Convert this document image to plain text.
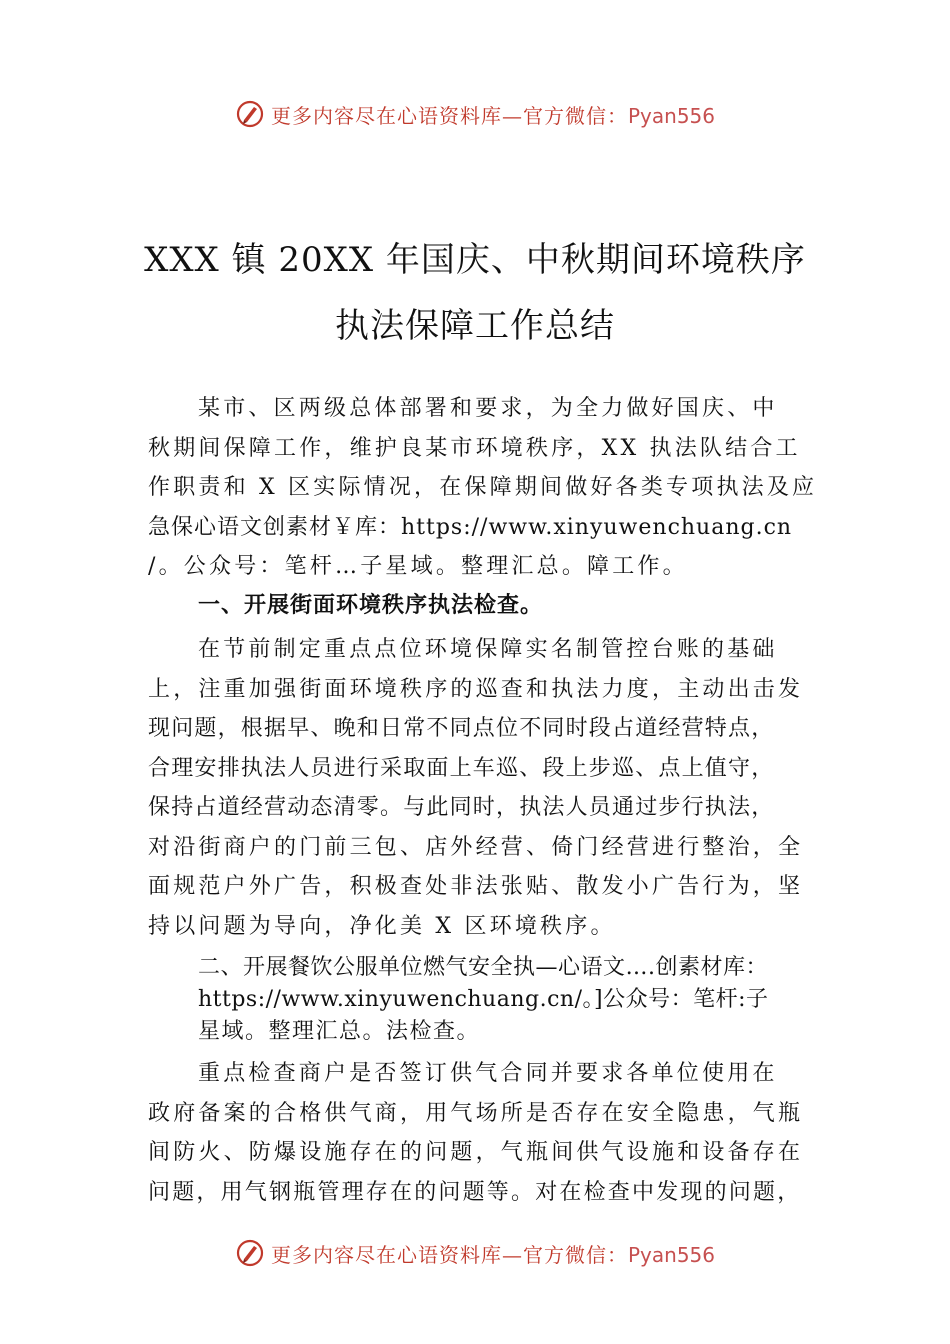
更多内容尽在心语资料库—官方微信：Pyan556
XXX 镇 20XX 年国庆、中秋期间环境秩序
执法保障工作总结
某市、区两级总体部署和要求，为全力做好国庆、中
秋期间保障工作，维护良某市环境秩序，XX 执法队结合工
作职责和 X 区实际情况，在保障期间做好各类专项执法及应
急保心语文创素材￥库：https://www.xinyuwenchuang.cn
/。公众号：笔杆…子星域。整理汇总。障工作。
一、开展街面环境秩序执法检查。
在节前制定重点点位环境保障实名制管控台账的基础
上，注重加强街面环境秩序的巡查和执法力度，主动出击发
现问题，根据早、晚和日常不同点位不同时段占道经营特点，
合理安排执法人员进行采取面上车巡、段上步巡、点上值守，
保持占道经营动态清零。与此同时，执法人员通过步行执法，
对沿街商户的门前三包、店外经营、倚门经营进行整治，全
面规范户外广告，积极查处非法张贴、散发小广告行为，坚
持以问题为导向，净化美 X 区环境秩序。
二、开展餐饮公服单位燃气安全执—心语文….创素材库：
https://www.xinyuwenchuang.cn/。]公众号：笔杆:子
星域。整理汇总。法检查。
重点检查商户是否签订供气合同并要求各单位使用在
政府备案的合格供气商，用气场所是否存在安全隐患，气瓶
间防火、防爆设施存在的问题，气瓶间供气设施和设备存在
问题，用气钢瓶管理存在的问题等。对在检查中发现的问题，
更多内容尽在心语资料库—官方微信：Pyan556
